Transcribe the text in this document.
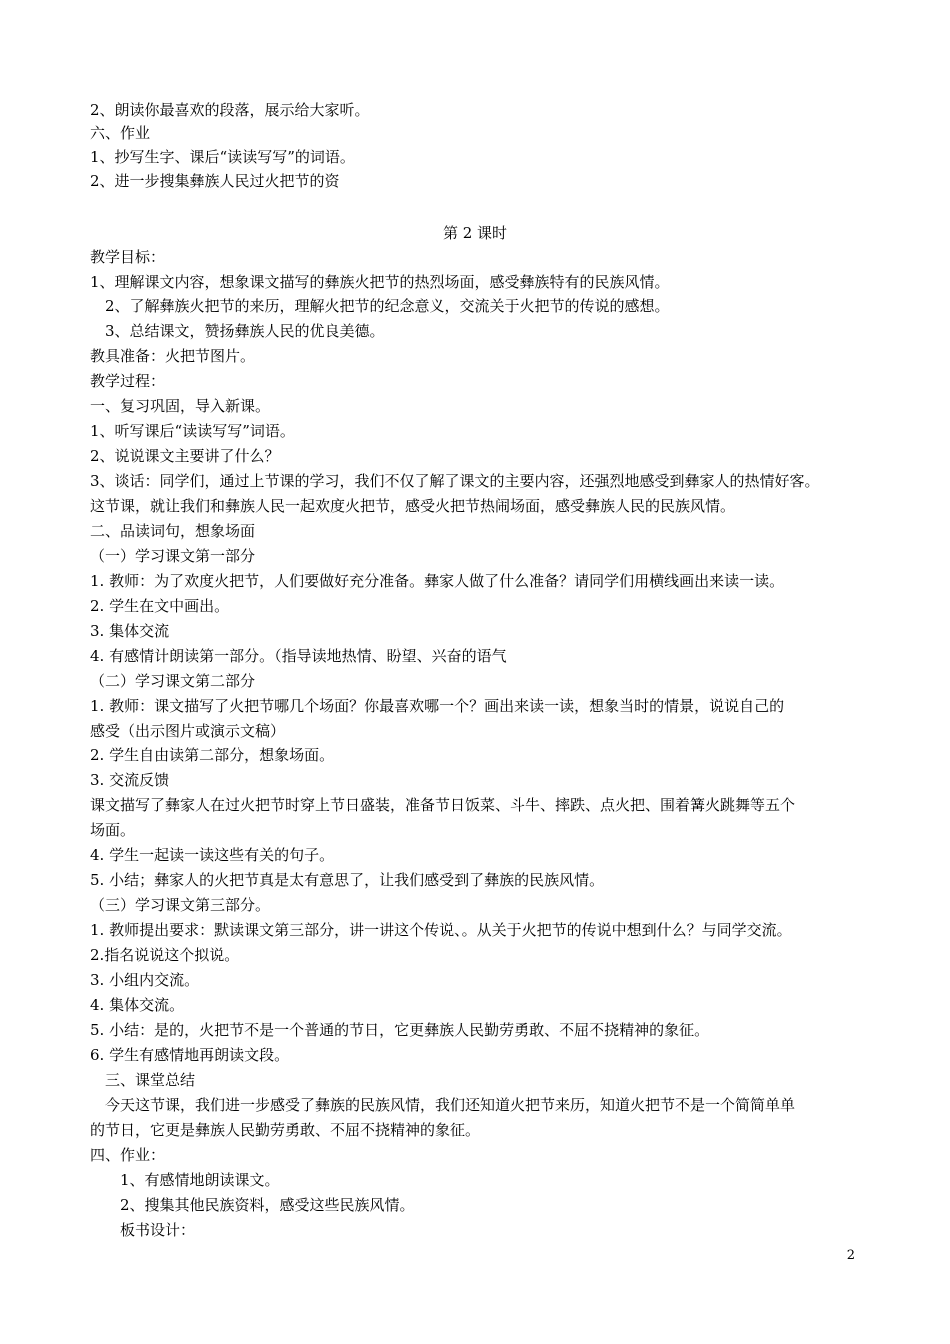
2、朗读你最喜欢的段落，展示给大家听。
六、作业
1、抄写生字、课后“读读写写”的词语。
2、进一步搜集彝族人民过火把节的资
第 2 课时
教学目标：
1、理解课文内容，想象课文描写的彝族火把节的热烈场面，感受彝族特有的民族风情。
　2、了解彝族火把节的来历，理解火把节的纪念意义，交流关于火把节的传说的感想。
　3、总结课文，赞扬彝族人民的优良美德。
教具准备：火把节图片。
教学过程：
一、复习巩固，导入新课。
1、听写课后“读读写写”词语。
2、说说课文主要讲了什么？
3、谈话：同学们，通过上节课的学习，我们不仅了解了课文的主要内容，还强烈地感受到彝家人的热情好客。
这节课，就让我们和彝族人民一起欢度火把节，感受火把节热闹场面，感受彝族人民的民族风情。
二、品读词句，想象场面
（一）学习课文第一部分
1. 教师：为了欢度火把节，人们要做好充分准备。彝家人做了什么准备？请同学们用横线画出来读一读。
2. 学生在文中画出。
3. 集体交流
4. 有感情计朗读第一部分。（指导读地热情、盼望、兴奋的语气
（二）学习课文第二部分
1. 教师：课文描写了火把节哪几个场面？你最喜欢哪一个？画出来读一读，想象当时的情景，说说自己的
感受（出示图片或演示文稿）
2. 学生自由读第二部分，想象场面。
3. 交流反馈
课文描写了彝家人在过火把节时穿上节日盛装，准备节日饭菜、斗牛、摔跌、点火把、围着篝火跳舞等五个
场面。
4. 学生一起读一读这些有关的句子。
5. 小结；彝家人的火把节真是太有意思了，让我们感受到了彝族的民族风情。
（三）学习课文第三部分。
1. 教师提出要求：默读课文第三部分，讲一讲这个传说、。从关于火把节的传说中想到什么？与同学交流。
2.指名说说这个拟说。
3. 小组内交流。
4. 集体交流。
5. 小结：是的，火把节不是一个普通的节日，它更彝族人民勤劳勇敢、不屈不挠精神的象征。
6. 学生有感情地再朗读文段。
　三、课堂总结
　今天这节课，我们进一步感受了彝族的民族风情，我们还知道火把节来历，知道火把节不是一个简简单单
的节日，它更是彝族人民勤劳勇敢、不屈不挠精神的象征。
四、作业：
　　1、有感情地朗读课文。
　　2、搜集其他民族资料，感受这些民族风情。
　　板书设计：
2
